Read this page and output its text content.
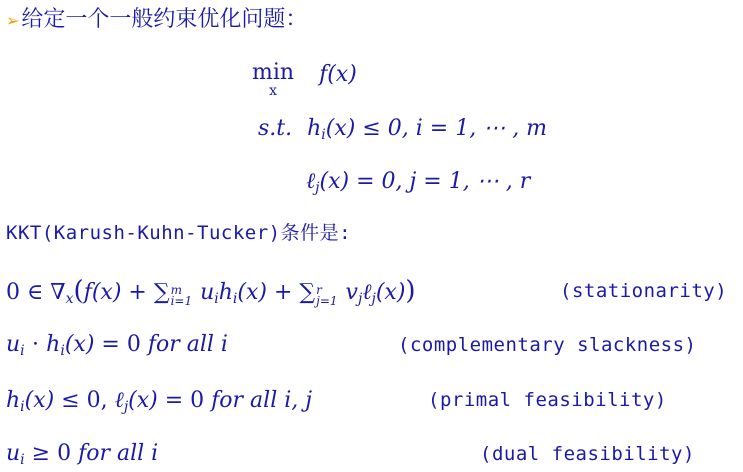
➢给定一个一般约束优化问题：
min
x
f(x)
s.t. $h_i(x) \le 0$, i = 1, ⋯ , m
ℓ$_j$(x) = 0, j = 1, ⋯ , r
KKT(Karush-Kuhn-Tucker)条件是:
0 ∈ $\nabla_x(f(x)$ + ∑ m
i=1 $u_ih_i(x)$ + ∑ r
j=1 $v_j\ell_j(x)$)	(stationarity)
$u_i \cdot h_i(x) = 0$ for all i	(complementary slackness)
$h_i(x) \le 0$, ℓ$_j$(x) = 0 for all i, j	(primal feasibility)
$u_i \ge 0$ for all i	(dual feasibility)
